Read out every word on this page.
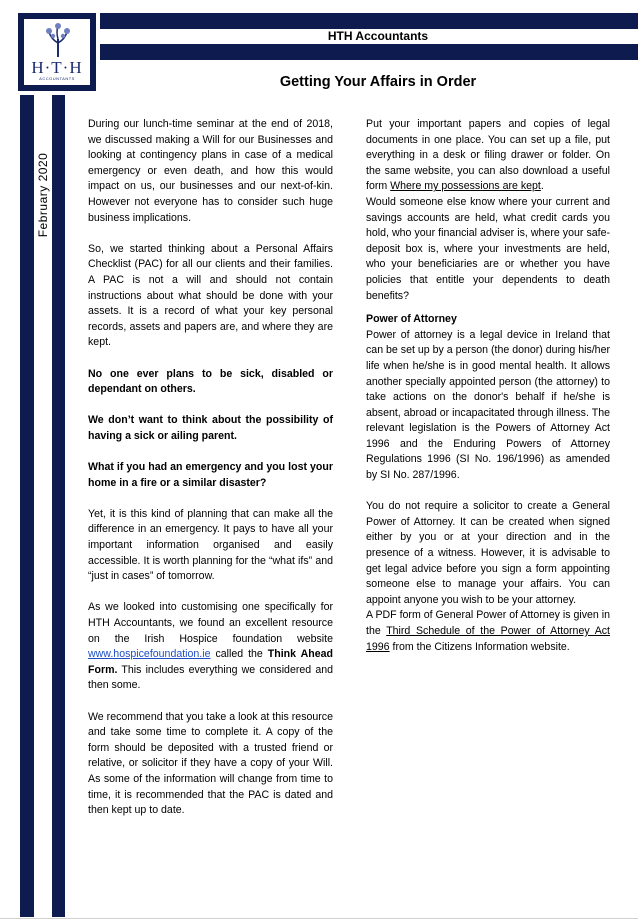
HTH Accountants
H·T·H
ACCOUNTANTS
February 2020
Getting Your Affairs in Order

During our lunch-time seminar at the end of 2018, we discussed making a Will for our Businesses and looking at contingency plans in case of a medical emergency or even death, and how this would impact on us, our businesses and our next-of-kin. However not everyone has to consider such huge business implications.

So, we started thinking about a Personal Affairs Checklist (PAC) for all our clients and their families. A PAC is not a will and should not contain instructions about what should be done with your assets. It is a record of what your key personal records, assets and papers are, and where they are kept.

No one ever plans to be sick, disabled or dependant on others.

We don’t want to think about the possibility of having a sick or ailing parent.

What if you had an emergency and you lost your home in a fire or a similar disaster?

Yet, it is this kind of planning that can make all the difference in an emergency. It pays to have all your important information organised and easily accessible. It is worth planning for the “what ifs” and “just in cases” of tomorrow.

As we looked into customising one specifically for HTH Accountants, we found an excellent resource on the Irish Hospice foundation website www.hospicefoundation.ie called the Think Ahead Form. This includes everything we considered and then some.

We recommend that you take a look at this resource and take some time to complete it. A copy of the form should be deposited with a trusted friend or relative, or solicitor if they have a copy of your Will. As some of the information will change from time to time, it is recommended that the PAC is dated and then kept up to date.

Put your important papers and copies of legal documents in one place. You can set up a file, put everything in a desk or filing drawer or folder. On the same website, you can also download a useful form Where my possessions are kept.

Would someone else know where your current and savings accounts are held, what credit cards you hold, who your financial adviser is, where your safe-deposit box is, where your investments are held, who your beneficiaries are or whether you have policies that entitle your dependents to death benefits?

Power of Attorney

Power of attorney is a legal device in Ireland that can be set up by a person (the donor) during his/her life when he/she is in good mental health. It allows another specially appointed person (the attorney) to take actions on the donor's behalf if he/she is absent, abroad or incapacitated through illness. The relevant legislation is the Powers of Attorney Act 1996 and the Enduring Powers of Attorney Regulations 1996 (SI No. 196/1996) as amended by SI No. 287/1996.

You do not require a solicitor to create a General Power of Attorney. It can be created when signed either by you or at your direction and in the presence of a witness. However, it is advisable to get legal advice before you sign a form appointing someone else to manage your affairs. You can appoint anyone you wish to be your attorney.

A PDF form of General Power of Attorney is given in the Third Schedule of the Power of Attorney Act 1996 from the Citizens Information website.
